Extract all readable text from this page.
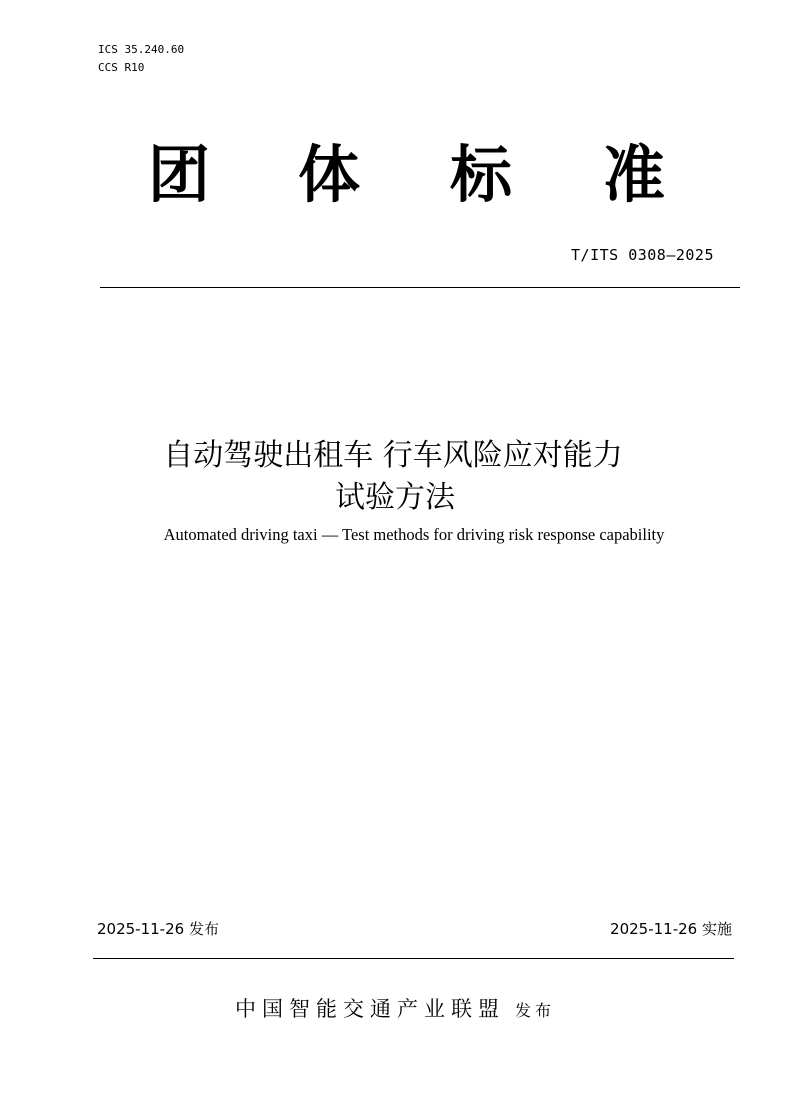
ICS 35.240.60
CCS R10
团 体 标 准
T/ITS 0308—2025
自动驾驶出租车 行车风险应对能力
试验方法
Automated driving taxi — Test methods for driving risk response capability
2025-11-26 发布	2025-11-26 实施
中国智能交通产业联盟 发布
